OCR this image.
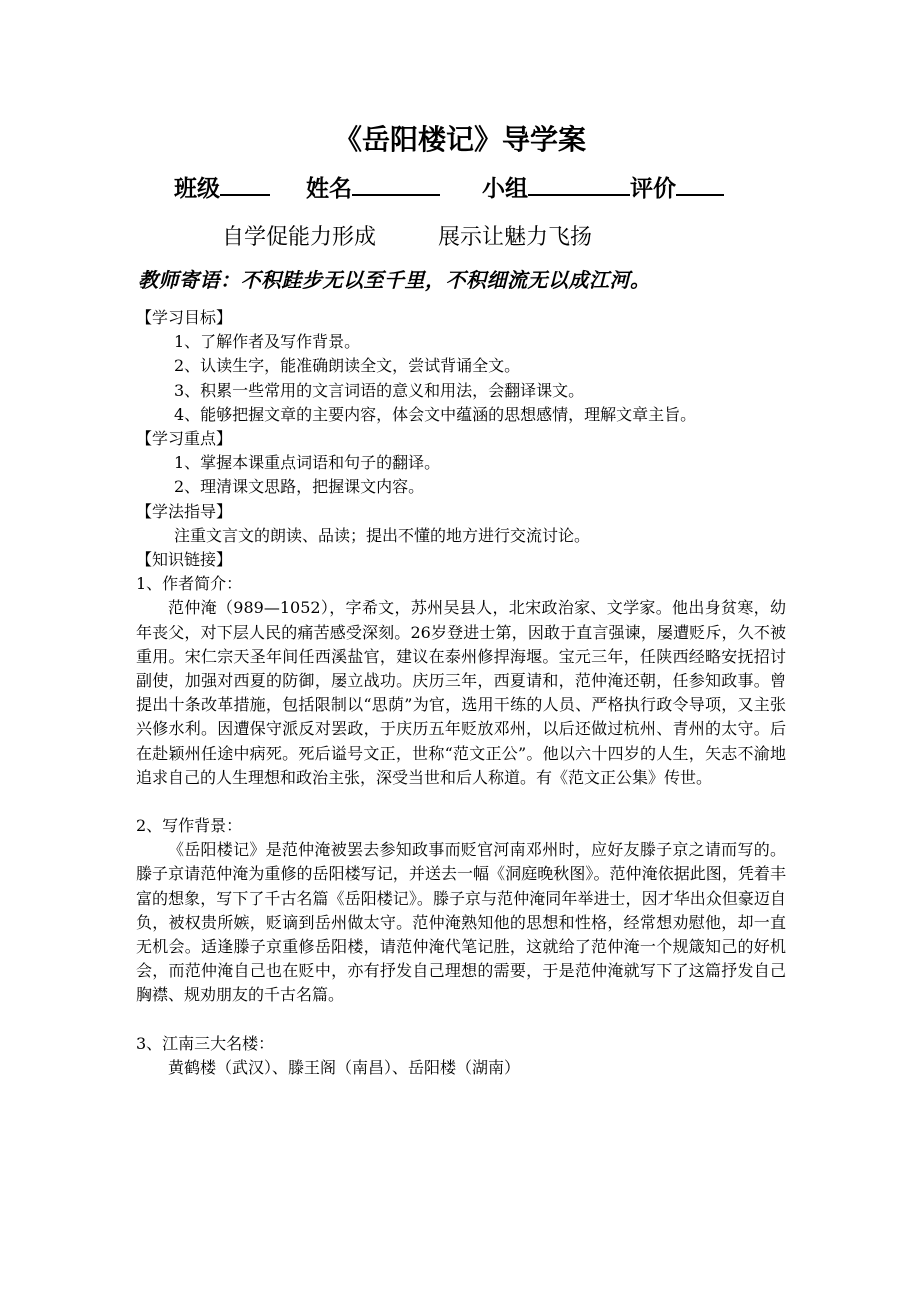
《岳阳楼记》导学案
班级	姓名	小组	评价
自学促能力形成	展示让魅力飞扬
教师寄语：不积跬步无以至千里，不积细流无以成江河。

【学习目标】

1、了解作者及写作背景。

2、认读生字，能准确朗读全文，尝试背诵全文。

3、积累一些常用的文言词语的意义和用法，会翻译课文。

4、能够把握文章的主要内容，体会文中蕴涵的思想感情，理解文章主旨。

【学习重点】

1、掌握本课重点词语和句子的翻译。

2、理清课文思路，把握课文内容。

【学法指导】

注重文言文的朗读、品读；提出不懂的地方进行交流讨论。

【知识链接】

1、作者简介：

范仲淹（989—1052），字希文，苏州吴县人，北宋政治家、文学家。他出身贫寒，幼年丧父，对下层人民的痛苦感受深刻。26岁登进士第，因敢于直言强谏，屡遭贬斥，久不被重用。宋仁宗天圣年间任西溪盐官，建议在泰州修捍海堰。宝元三年，任陕西经略安抚招讨副使，加强对西夏的防御，屡立战功。庆历三年，西夏请和，范仲淹还朝，任参知政事。曾提出十条改革措施，包括限制以“思荫”为官，选用干练的人员、严格执行政令导项，又主张兴修水利。因遭保守派反对罢政，于庆历五年贬放邓州，以后还做过杭州、青州的太守。后在赴颖州任途中病死。死后谥号文正，世称“范文正公”。他以六十四岁的人生，矢志不渝地追求自己的人生理想和政治主张，深受当世和后人称道。有《范文正公集》传世。

2、写作背景：

《岳阳楼记》是范仲淹被罢去参知政事而贬官河南邓州时，应好友滕子京之请而写的。滕子京请范仲淹为重修的岳阳楼写记，并送去一幅《洞庭晚秋图》。范仲淹依据此图，凭着丰富的想象，写下了千古名篇《岳阳楼记》。滕子京与范仲淹同年举进士，因才华出众但豪迈自负，被权贵所嫉，贬谪到岳州做太守。范仲淹熟知他的思想和性格，经常想劝慰他，却一直无机会。适逢滕子京重修岳阳楼，请范仲淹代笔记胜，这就给了范仲淹一个规箴知己的好机会，而范仲淹自己也在贬中，亦有抒发自己理想的需要，于是范仲淹就写下了这篇抒发自己胸襟、规劝朋友的千古名篇。

3、江南三大名楼：

黄鹤楼（武汉）、滕王阁（南昌）、岳阳楼（湖南）
